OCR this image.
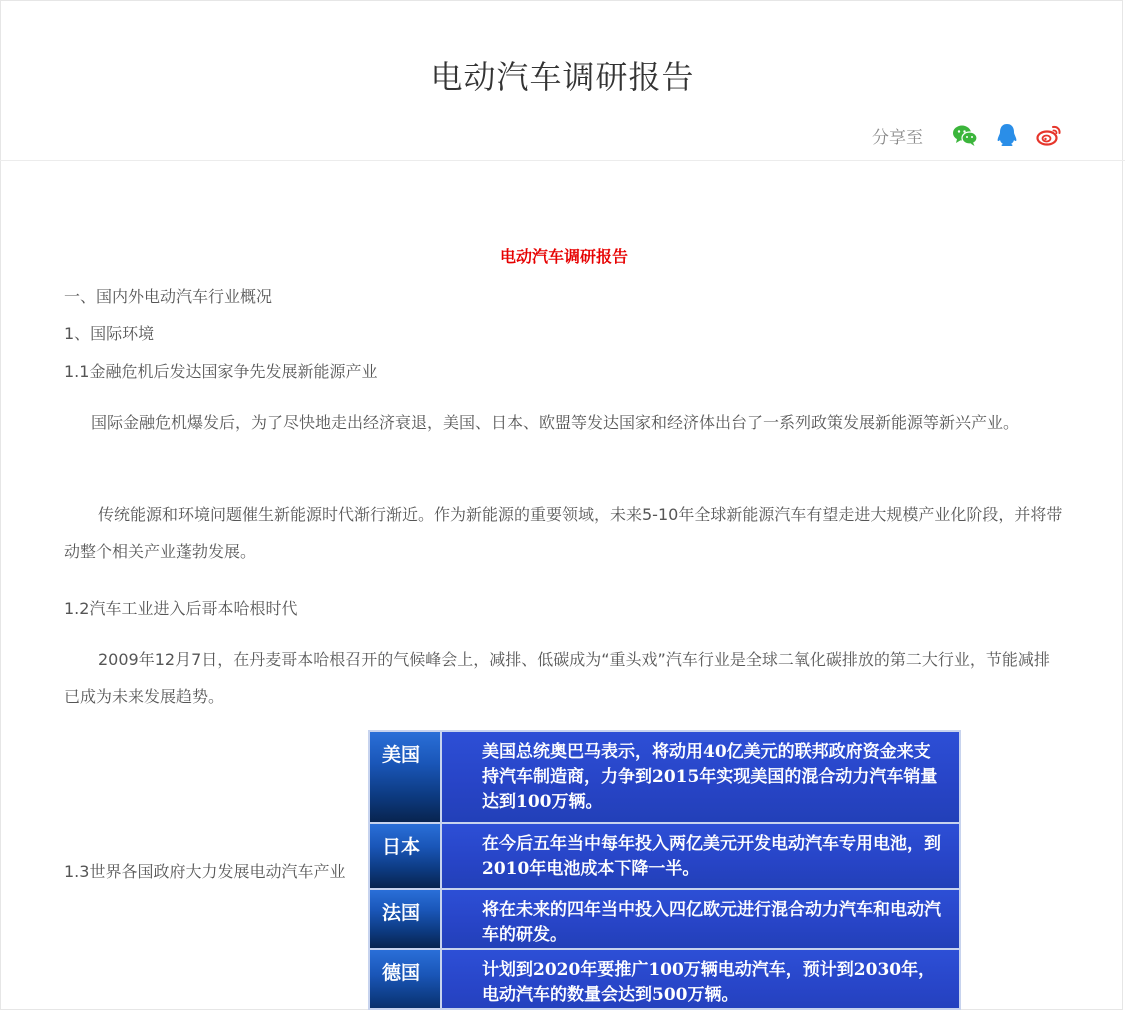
电动汽车调研报告
分享至
电动汽车调研报告
一、国内外电动汽车行业概况
1、国际环境
1.1金融危机后发达国家争先发展新能源产业
国际金融危机爆发后，为了尽快地走出经济衰退，美国、日本、欧盟等发达国家和经济体出台了一系列政策发展新能源等新兴产业。
传统能源和环境问题催生新能源时代渐行渐近。作为新能源的重要领域，未来5-10年全球新能源汽车有望走进大规模产业化阶段，并将带动整个相关产业蓬勃发展。
1.2汽车工业进入后哥本哈根时代
2009年12月7日，在丹麦哥本哈根召开的气候峰会上，减排、低碳成为“重头戏”汽车行业是全球二氧化碳排放的第二大行业，节能减排已成为未来发展趋势。
1.3世界各国政府大力发展电动汽车产业
美国	美国总统奥巴马表示，将动用40亿美元的联邦政府资金来支持汽车制造商，力争到2015年实现美国的混合动力汽车销量达到100万辆。
日本	在今后五年当中每年投入两亿美元开发电动汽车专用电池，到2010年电池成本下降一半。
法国	将在未来的四年当中投入四亿欧元进行混合动力汽车和电动汽车的研发。
德国	计划到2020年要推广100万辆电动汽车，预计到2030年，电动汽车的数量会达到500万辆。
